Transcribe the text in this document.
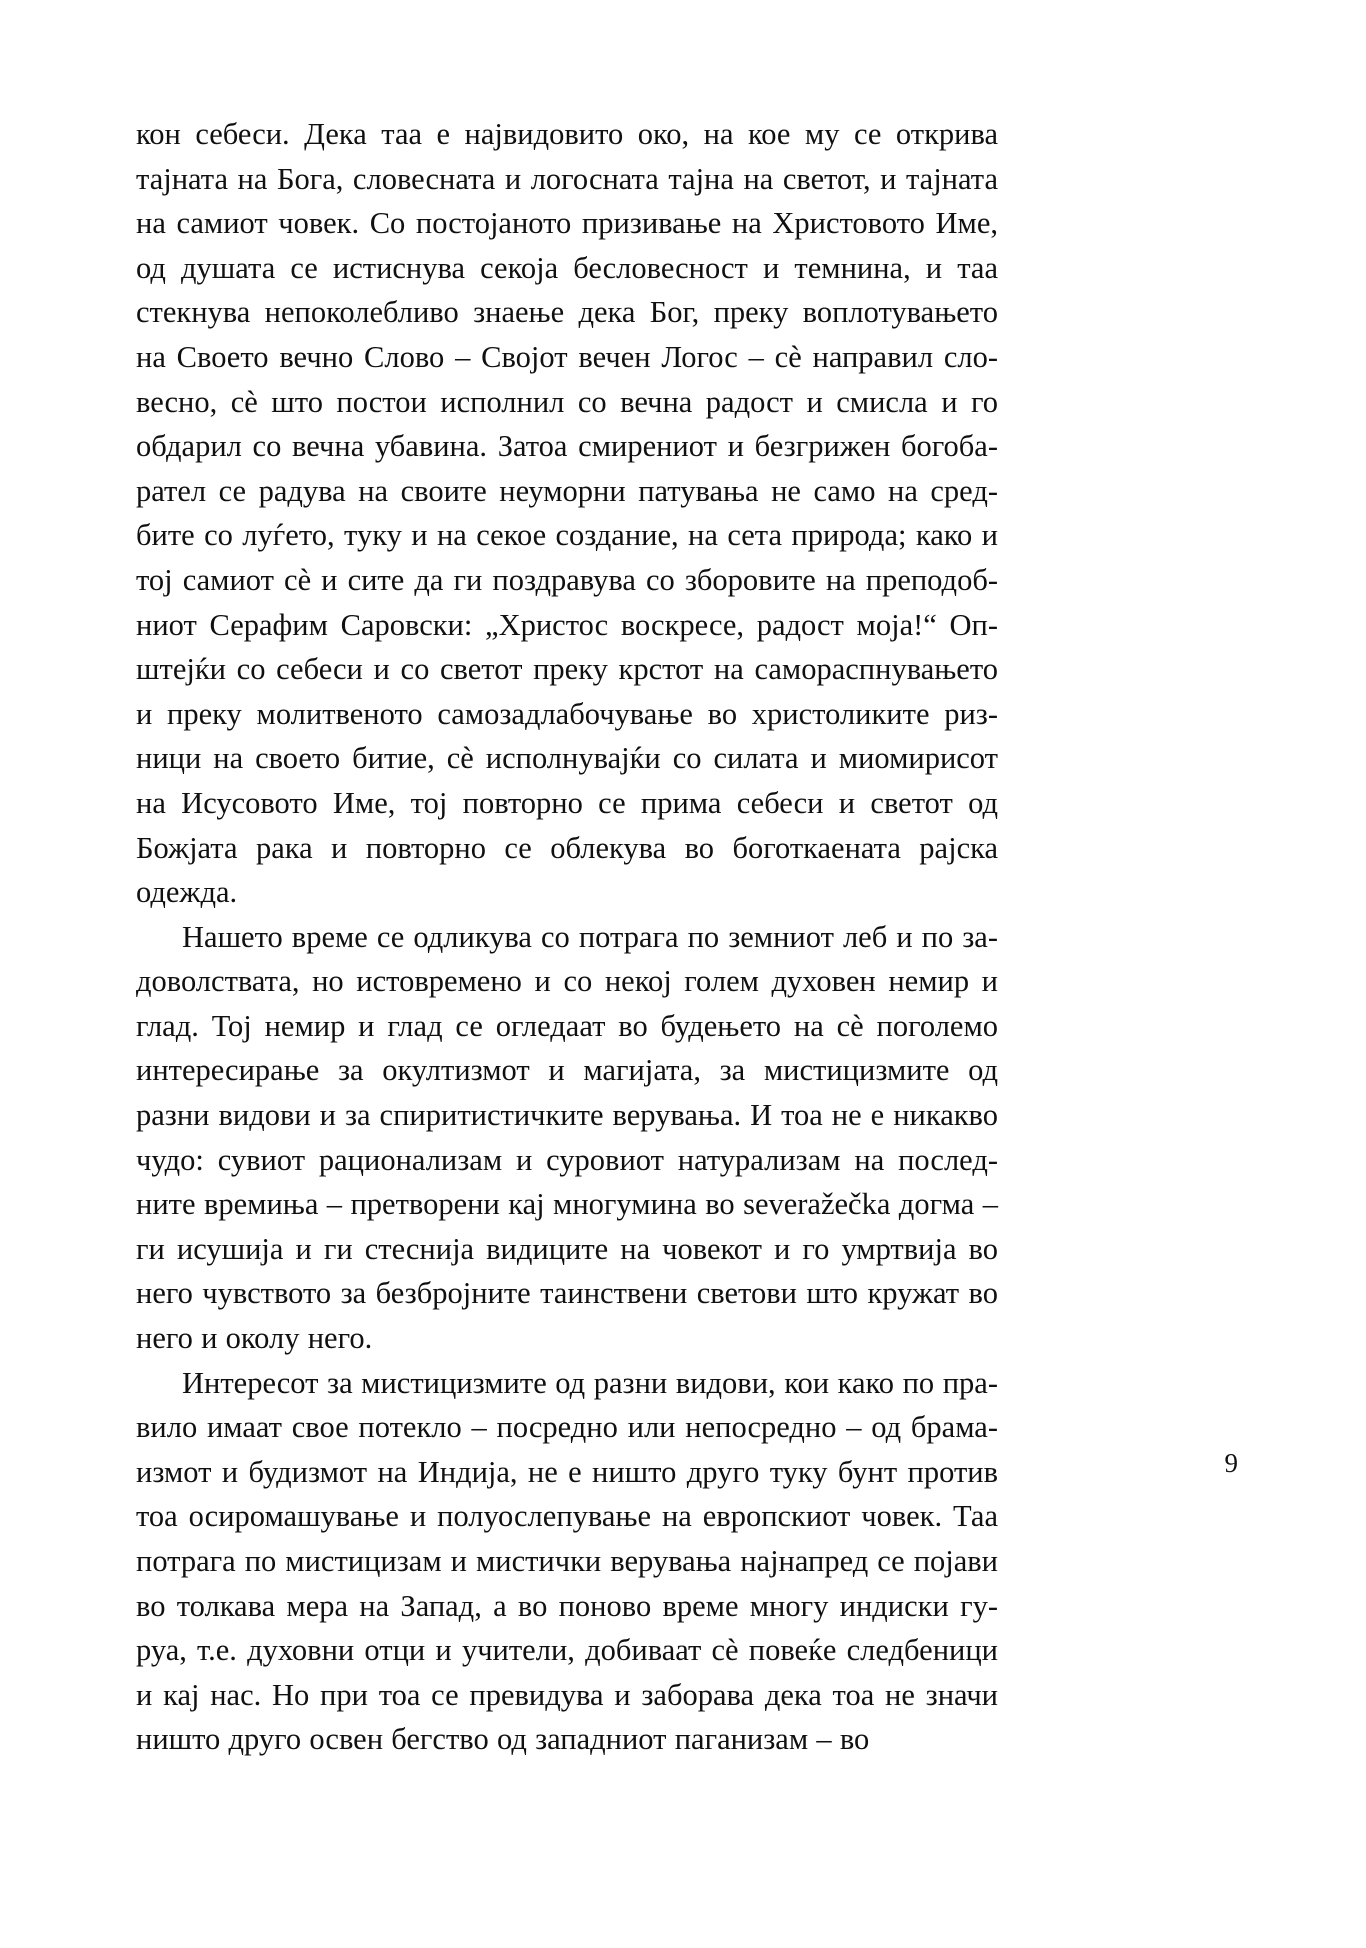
кон себеси. Дека таа е највидовито око, на кое му се открива
тајната на Бога, словесната и логосната тајна на светот, и тајната
на самиот човек. Со постојаното призивање на Христовото Име,
од душата се истиснува секоја бесловесност и темнина, и таа
стекнува непоколебливо знаење дека Бог, преку воплотувањето
на Своето вечно Слово – Својот вечен Логос – сѐ направил сло-
весно, сѐ што постои исполнил со вечна радост и смисла и го
обдарил со вечна убавина. Затоа смирениот и безгрижен богоба-
рател се радува на своите неуморни патувања не само на сред-
бите со луѓето, туку и на секое создание, на сета природа; како и
тој самиот сѐ и сите да ги поздравува со зборовите на преподоб-
ниот Серафим Саровски: „Христос воскресе, радост моја!“ Оп-
штејќи со себеси и со светот преку крстот на самораспнувањето
и преку молитвеното самозадлабочување во христоликите риз-
ници на своето битие, сѐ исполнувајќи со силата и миомирисот
на Исусовото Име, тој повторно се прима себеси и светот од
Божјата рака и повторно се облекува во боготкаената рајска
одежда.
Нашето време се одликува со потрага по земниот леб и по за-
доволствата, но истовремено и со некој голем духовен немир и
глад. Тој немир и глад се огледаат во будењето на сѐ поголемо
интересирање за окултизмот и магијата, за мистицизмите од
разни видови и за спиритистичките верувања. И тоа не е никакво
чудо: сувиот рационализам и суровиот натурализам на послед-
ните времиња – претворени кај многумина во severažečka догма –
ги исушија и ги стеснија видиците на човекот и го умртвија во
него чувството за безбројните таинствени светови што кружат во
него и околу него.
Интересот за мистицизмите од разни видови, кои како по пра-
вило имаат свое потекло – посредно или непосредно – од брама-
измот и будизмот на Индија, не е ништо друго туку бунт против
тоа осиромашување и полуослепување на европскиот човек. Таа
потрага по мистицизам и мистички верувања најнапред се појави
во толкава мера на Запад, а во поново време многу индиски гу-
руа, т.е. духовни отци и учители, добиваат сѐ повеќе следбеници
и кај нас. Но при тоа се превидува и заборава дека тоа не значи
ништо друго освен бегство од западниот паганизам – во
9
